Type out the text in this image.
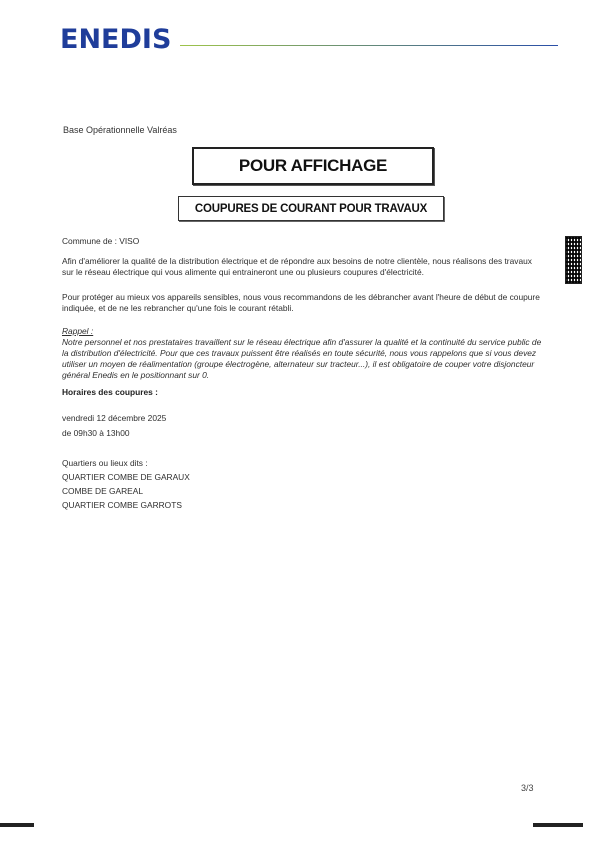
ENEDIS
Base Opérationnelle Valréas
POUR AFFICHAGE
COUPURES DE COURANT POUR TRAVAUX
Commune de : VISO
Afin d'améliorer la qualité de la distribution électrique et de répondre aux besoins de notre clientèle, nous réalisons des travaux sur le réseau électrique qui vous alimente qui entraineront une ou plusieurs coupures d'électricité.
Pour protéger au mieux vos appareils sensibles, nous vous recommandons de les débrancher avant l'heure de début de coupure indiquée, et de ne les rebrancher qu'une fois le courant rétabli.
Rappel :
Notre personnel et nos prestataires travaillent sur le réseau électrique afin d'assurer la qualité et la continuité du service public de la distribution d'électricité. Pour que ces travaux puissent être réalisés en toute sécurité, nous vous rappelons que si vous devez utiliser un moyen de réalimentation (groupe électrogène, alternateur sur tracteur...), il est obligatoire de couper votre disjoncteur général Enedis en le positionnant sur 0.
Horaires des coupures :
vendredi 12 décembre 2025
de 09h30 à 13h00
Quartiers ou lieux dits :
QUARTIER COMBE DE GARAUX
COMBE DE GAREAL
QUARTIER COMBE GARROTS
3/3
